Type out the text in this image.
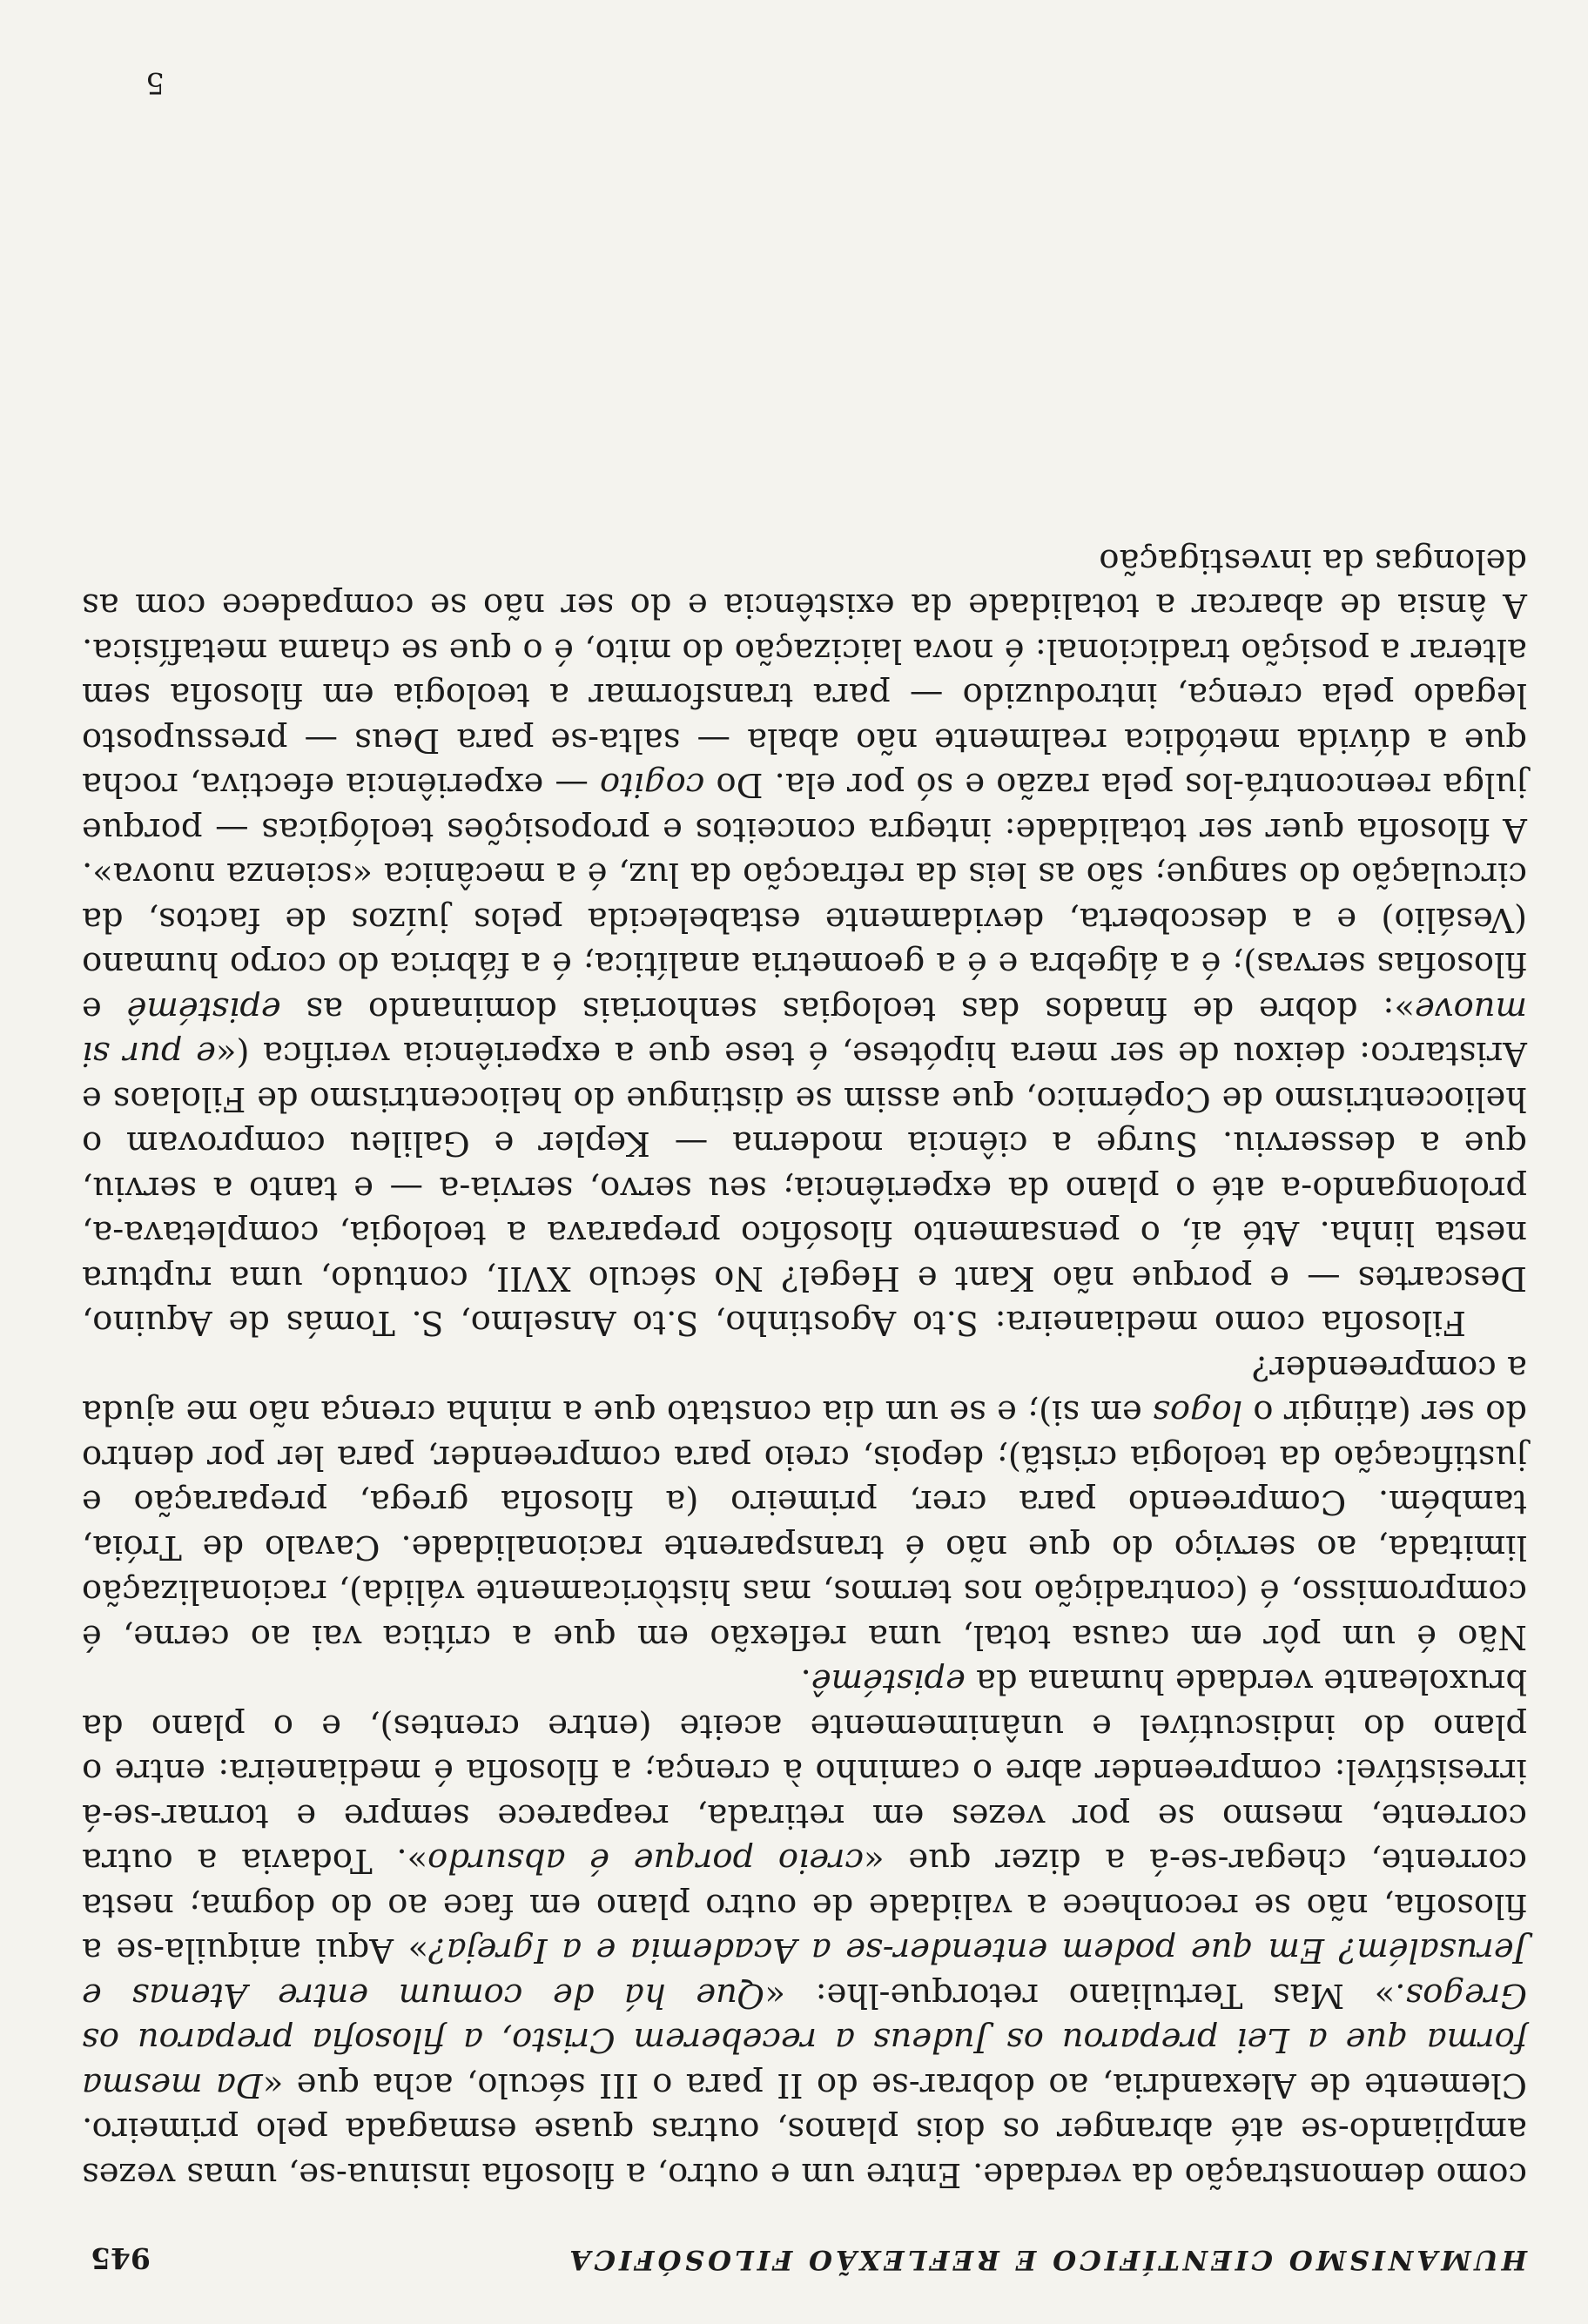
HUMANISMO CIENTÍFICO E REFLEXÃO FILOSÓFICA
945

como demonstração da verdade. Entre um e outro, a filosofia insinua-se, umas vezes ampliando-se até abranger os dois planos, outras quase esmagada pelo primeiro. Clemente de Alexandria, ao dobrar-se do II para o III século, acha que «Da mesma forma que a Lei preparou os Judeus a receberem Cristo, a filosofia preparou os Gregos.» Mas Tertuliano retorque-lhe: «Que há de comum entre Atenas e Jerusalém? Em que podem entender-se a Academia e a Igreja?» Aqui aniquila-se a filosofia, não se reconhece a validade de outro plano em face ao do dogma; nesta corrente, chegar-se-á a dizer que «creio porque é absurdo». Todavia a outra corrente, mesmo se por vezes em retirada, reaparece sempre e tornar-se-á irresistível: compreender abre o caminho à crença; a filosofia é medianeira: entre o plano do indiscutível e unânimemente aceite (entre crentes), e o plano da bruxoleante verdade humana da epistémê.

Não é um pôr em causa total, uma reflexão em que a crítica vai ao cerne, é compromisso, é (contradição nos termos, mas històricamente válida), racionalização limitada, ao serviço do que não é transparente racionalidade. Cavalo de Tróia, também. Compreendo para crer, primeiro (a filosofia grega, preparação e justificação da teologia cristã); depois, creio para compreender, para ler por dentro do ser (atingir o logos em si); e se um dia constato que a minha crença não me ajuda a compreender?

Filosofia como medianeira: S.to Agostinho, S.to Anselmo, S. Tomás de Aquino, Descartes — e porque não Kant e Hegel? No século XVII, contudo, uma ruptura nesta linha. Até aí, o pensamento filosófico preparava a teologia, completava-a, prolongando-a até o plano da experiência; seu servo, servia-a — e tanto a serviu, que a desserviu. Surge a ciência moderna — Kepler e Galileu comprovam o heliocentrismo de Copérnico, que assim se distingue do heliocentrismo de Filolaos e Aristarco: deixou de ser mera hipótese, é tese que a experiência verifica («e pur si muove»: dobre de finados das teologias senhoriais dominando as epistémê e filosofias servas); é a álgebra e é a geometria analítica; é a fábrica do corpo humano (Vesálio) e a descoberta, devidamente estabelecida pelos juízos de factos, da circulação do sangue; são as leis da refracção da luz, é a mecânica «scienza nuova». A filosofia quer ser totalidade: integra conceitos e proposições teológicas — porque julga reencontrá-los pela razão e só por ela. Do cogito — experiência efectiva, rocha que a dúvida metódica realmente não abala — salta-se para Deus — pressuposto legado pela crença, introduzido — para transformar a teologia em filosofia sem alterar a posição tradicional: é nova laicização do mito, é o que se chama metafísica. A ânsia de abarcar a totalidade da existência e do ser não se compadece com as delongas da investigação

5
